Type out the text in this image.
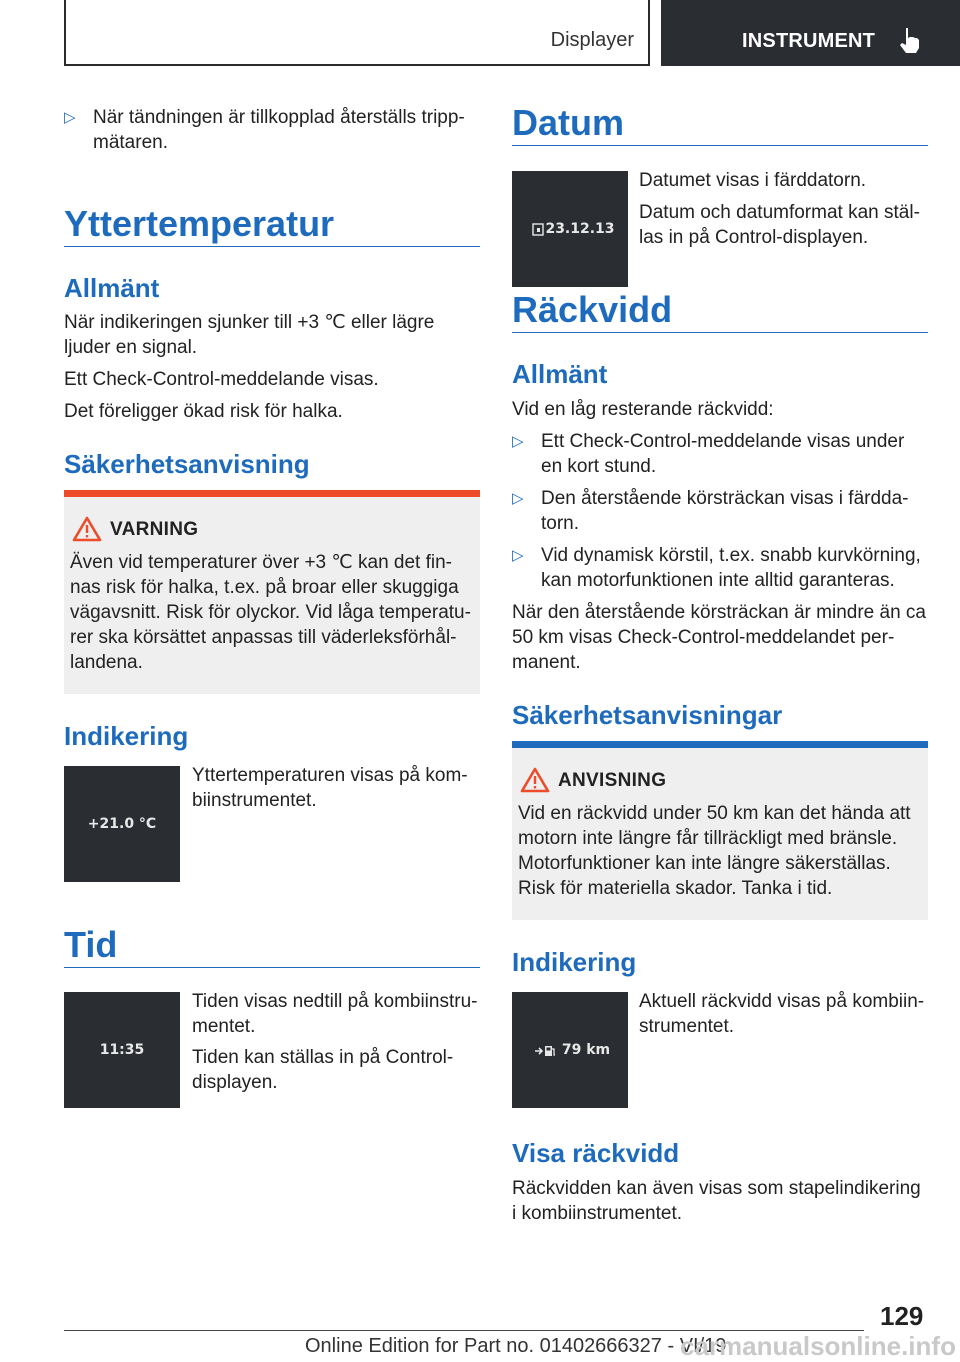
Displayer	INSTRUMENT
▷ När tändningen är tillkopplad återställs tripp-mätaren.
Yttertemperatur
Allmänt
När indikeringen sjunker till +3 ℃ eller lägre ljuder en signal.
Ett Check-Control-meddelande visas.
Det föreligger ökad risk för halka.
Säkerhetsanvisning
VARNING
Även vid temperaturer över +3 ℃ kan det fin-nas risk för halka, t.ex. på broar eller skuggiga vägavsnitt. Risk för olyckor. Vid låga temperatu-rer ska körsättet anpassas till väderleksförhål-landena.
Indikering
+21.0 °C
Yttertemperaturen visas på kom-biinstrumentet.
Tid
11:35
Tiden visas nedtill på kombiinstru-mentet.
Tiden kan ställas in på Control-displayen.
Datum
23.12.13
Datumet visas i färddatorn.
Datum och datumformat kan stäl-las in på Control-displayen.
Räckvidd
Allmänt
Vid en låg resterande räckvidd:
▷ Ett Check-Control-meddelande visas under en kort stund.
▷ Den återstående körsträckan visas i färdda-torn.
▷ Vid dynamisk körstil, t.ex. snabb kurvkörning, kan motorfunktionen inte alltid garanteras.
När den återstående körsträckan är mindre än ca 50 km visas Check-Control-meddelandet per-manent.
Säkerhetsanvisningar
ANVISNING
Vid en räckvidd under 50 km kan det hända att motorn inte längre får tillräckligt med bränsle. Motorfunktioner kan inte längre säkerställas. Risk för materiella skador. Tanka i tid.
Indikering
79 km
Aktuell räckvidd visas på kombiin-strumentet.
Visa räckvidd
Räckvidden kan även visas som stapelindikering i kombiinstrumentet.
129
Online Edition for Part no. 01402666327 - VI/19
carmanualsonline.info
